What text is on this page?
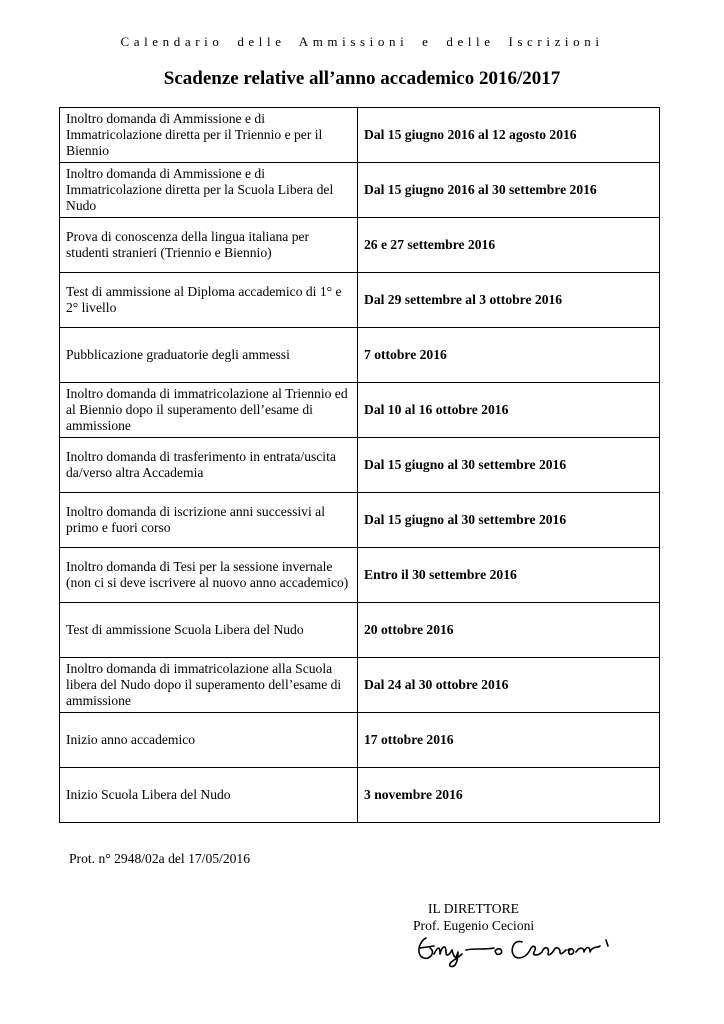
Calendario delle Ammissioni e delle Iscrizioni
Scadenze relative all’anno accademico 2016/2017
Inoltro domanda di Ammissione e di Immatricolazione diretta per il Triennio e per il Biennio	Dal 15 giugno 2016 al 12 agosto 2016
Inoltro domanda di Ammissione e di Immatricolazione diretta per la Scuola Libera del Nudo	Dal 15 giugno 2016 al 30 settembre 2016
Prova di conoscenza della lingua italiana per studenti stranieri (Triennio e Biennio)	26 e 27 settembre 2016
Test di ammissione al Diploma accademico di 1° e 2° livello	Dal 29 settembre al 3 ottobre 2016
Pubblicazione graduatorie degli ammessi	7 ottobre 2016
Inoltro domanda di immatricolazione al Triennio ed al Biennio dopo il superamento dell’esame di ammissione	Dal 10 al 16 ottobre 2016
Inoltro domanda di trasferimento in entrata/uscita da/verso altra Accademia	Dal 15 giugno al 30 settembre 2016
Inoltro domanda di iscrizione anni successivi al primo e fuori corso	Dal 15 giugno al 30 settembre 2016
Inoltro domanda di Tesi per la sessione invernale (non ci si deve iscrivere al nuovo anno accademico)	Entro il 30 settembre 2016
Test di ammissione Scuola Libera del Nudo	20 ottobre 2016
Inoltro domanda di immatricolazione alla Scuola libera del Nudo dopo il superamento dell’esame di ammissione	Dal 24 al 30 ottobre 2016
Inizio anno accademico	17 ottobre 2016
Inizio Scuola Libera del Nudo	3 novembre 2016
Prot. n° 2948/02a del 17/05/2016
IL DIRETTORE
Prof. Eugenio Cecioni
